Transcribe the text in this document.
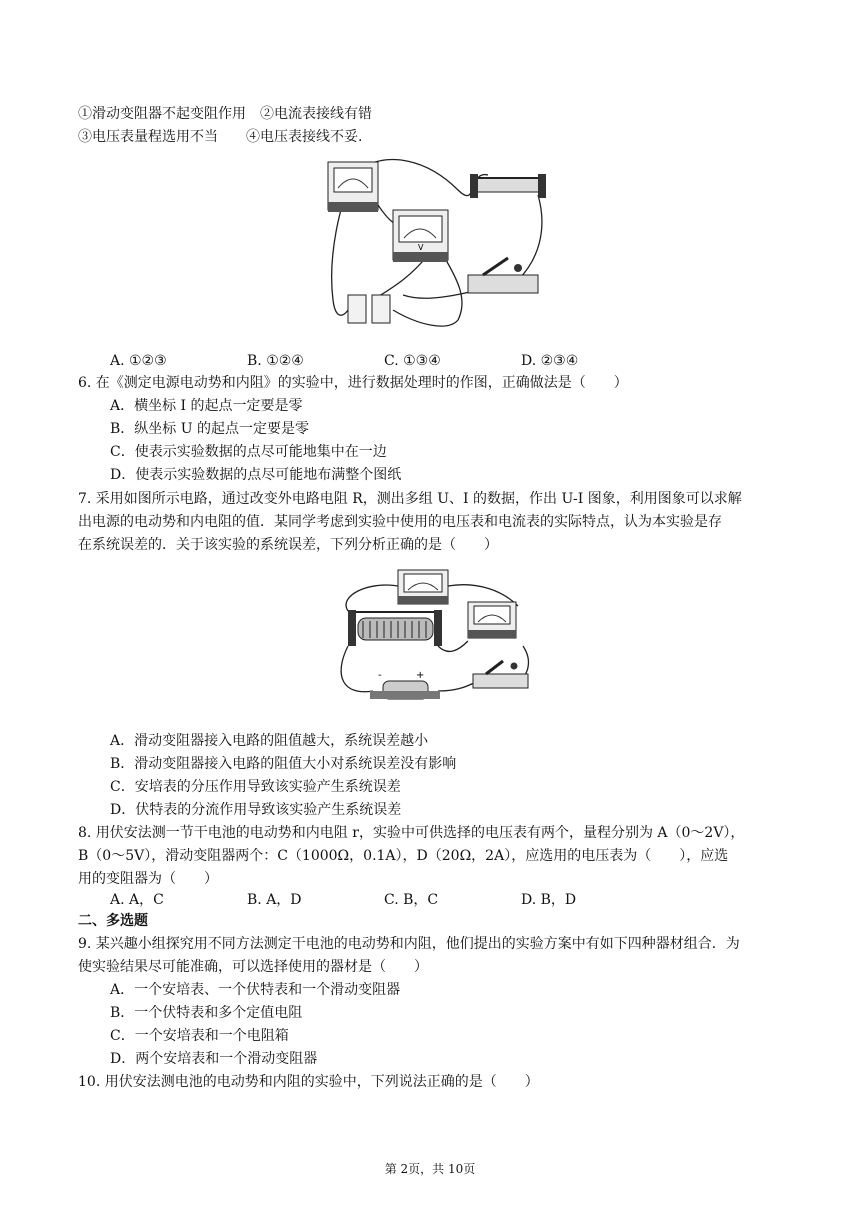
①滑动变阻器不起变阻作用　②电流表接线有错
③电压表量程选用不当　　④电压表接线不妥.
V
A. ①②③	B. ①②④	C. ①③④	D. ②③④
6. 在《测定电源电动势和内阻》的实验中，进行数据处理时的作图，正确做法是（　　）
A．横坐标 I 的起点一定要是零
B．纵坐标 U 的起点一定要是零
C．使表示实验数据的点尽可能地集中在一边
D．使表示实验数据的点尽可能地布满整个图纸
7. 采用如图所示电路，通过改变外电路电阻 R，测出多组 U、I 的数据，作出 U-I 图象，利用图象可以求解
出电源的电动势和内电阻的值．某同学考虑到实验中使用的电压表和电流表的实际特点，认为本实验是存
在系统误差的．关于该实验的系统误差，下列分析正确的是（　　）
-	+
A．滑动变阻器接入电路的阻值越大，系统误差越小
B．滑动变阻器接入电路的阻值大小对系统误差没有影响
C．安培表的分压作用导致该实验产生系统误差
D．伏特表的分流作用导致该实验产生系统误差
8. 用伏安法测一节干电池的电动势和内电阻 r，实验中可供选择的电压表有两个，量程分别为 A（0～2V），
B（0～5V），滑动变阻器两个：C（1000Ω，0.1A），D（20Ω，2A），应选用的电压表为（　　），应选
用的变阻器为（　　）
A. A，C	B. A，D	C. B，C	D. B，D
二、多选题
9. 某兴趣小组探究用不同方法测定干电池的电动势和内阻，他们提出的实验方案中有如下四种器材组合．为
使实验结果尽可能准确，可以选择使用的器材是（　　）
A．一个安培表、一个伏特表和一个滑动变阻器
B．一个伏特表和多个定值电阻
C．一个安培表和一个电阻箱
D．两个安培表和一个滑动变阻器
10. 用伏安法测电池的电动势和内阻的实验中，下列说法正确的是（　　）
第 2页，共 10页
